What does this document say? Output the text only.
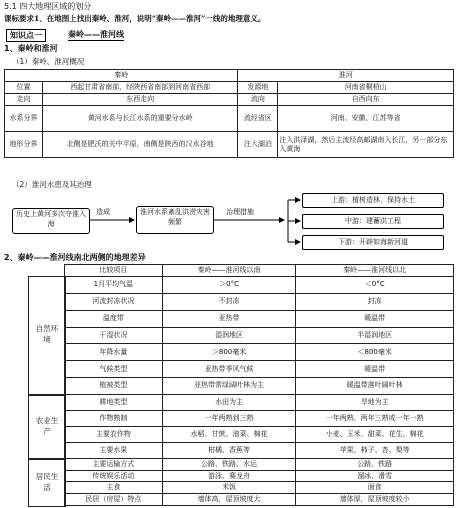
5.1 四大地理区域的划分
课标要求1、在地图上找出秦岭、淮河，说明“秦岭——淮河”一线的地理意义。
知识点一	秦岭——淮河线
1、秦岭和淮河
（1）秦岭、淮河概况
秦岭		淮河	
位置	西起甘肃省南部，经陕西省南部到河南省西部	发源地	河南省桐柏山
走向	东西走向	流向	自西向东
水系分界	黄河水系与长江水系的重要分水岭	流经省区	河南、安徽、江苏等省
地形分界	北侧是肥沃的关中平原，南侧是陕西的汉水谷地	注入湖泊	注入洪泽湖，然后主流经高邮湖南入长江，另一部分东入黄海
（2）淮河水患及其治理
历史上黄河多次夺淮入海
造成	淮河水系紊乱洪涝灾害频繁
治理措施
上游：植树造林，保持水土
中游：建蓄洪工程
下游：开辟如海新河道
2、秦岭——淮河线南北两侧的地理差异
自然环境
农业生产
居民生活
比较项目	秦岭——淮河线以南	秦岭——淮河线以北
1月平均气温	＞0°C	＜0°C
河流封冻状况	不封冻	封冻
温度带	亚热带	暖温带
干湿状况	湿润地区	半湿润地区
年降水量	＞800毫米	＜800毫米
气候类型	亚热带季风气候	暖温带
植被类型	亚热带常绿阔叶林为主	暖温带落叶阔叶林
耕地类型	水田为主	旱地为主
作物熟制	一年两熟到三熟	一年两熟、两年三熟或一年一熟
主要农作物	水稻、甘蔗、油菜、棉花	小麦、玉米、甜菜、花生、棉花
主要水果	柑橘、香蕉等	苹果、柿子、杏、梨等
主要运输方式	公路、铁路、水运	公路、铁路
传统娱乐活动	游泳、赛龙舟	溜冰、滑雪
主食	米饭	面食
民居（房屋）特点	墙体高，屋顶坡度大	墙体厚，屋顶坡度较小
